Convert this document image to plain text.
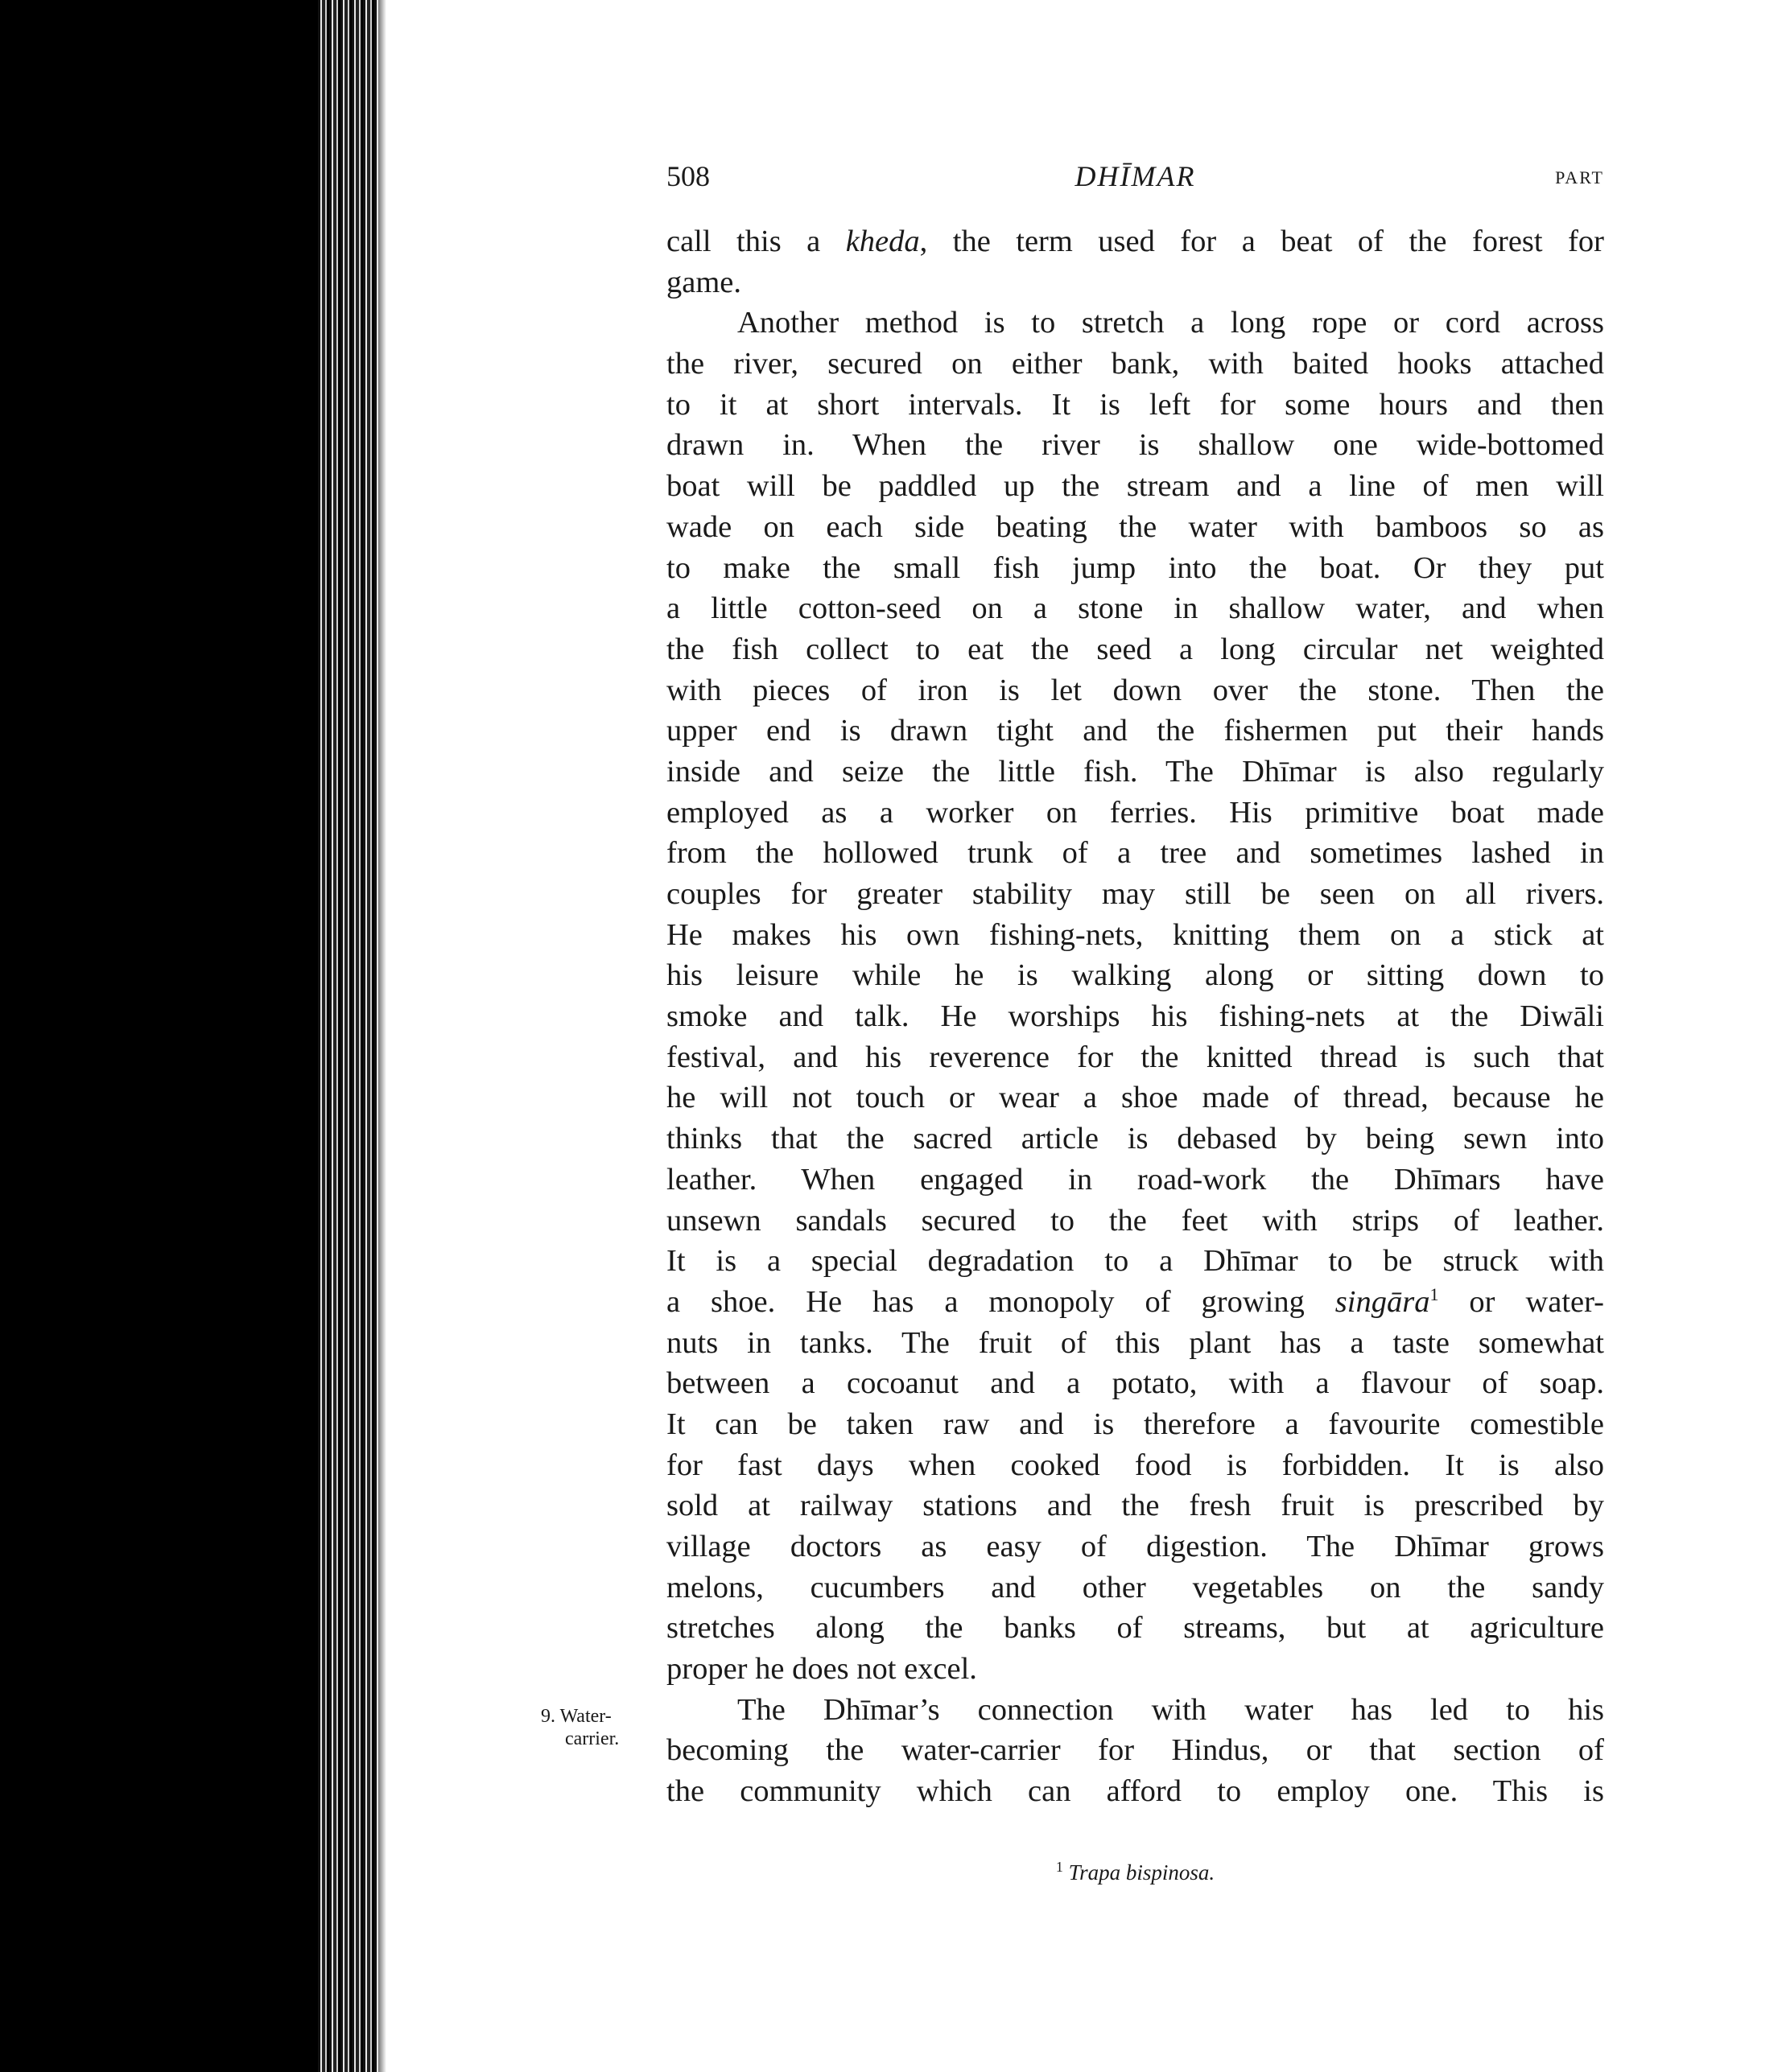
508	DHĪMAR	PART
9. Water-
carrier.
call this a kheda, the term used for a beat of the forest for
game.
Another method is to stretch a long rope or cord across
the river, secured on either bank, with baited hooks attached
to it at short intervals. It is left for some hours and then
drawn in. When the river is shallow one wide-bottomed
boat will be paddled up the stream and a line of men will
wade on each side beating the water with bamboos so as
to make the small fish jump into the boat. Or they put
a little cotton-seed on a stone in shallow water, and when
the fish collect to eat the seed a long circular net weighted
with pieces of iron is let down over the stone. Then the
upper end is drawn tight and the fishermen put their hands
inside and seize the little fish. The Dhīmar is also regularly
employed as a worker on ferries. His primitive boat made
from the hollowed trunk of a tree and sometimes lashed in
couples for greater stability may still be seen on all rivers.
He makes his own fishing-nets, knitting them on a stick at
his leisure while he is walking along or sitting down to
smoke and talk. He worships his fishing-nets at the Diwāli
festival, and his reverence for the knitted thread is such that
he will not touch or wear a shoe made of thread, because he
thinks that the sacred article is debased by being sewn into
leather. When engaged in road-work the Dhīmars have
unsewn sandals secured to the feet with strips of leather.
It is a special degradation to a Dhīmar to be struck with
a shoe. He has a monopoly of growing singāra$^1$ or water-
nuts in tanks. The fruit of this plant has a taste somewhat
between a cocoanut and a potato, with a flavour of soap.
It can be taken raw and is therefore a favourite comestible
for fast days when cooked food is forbidden. It is also
sold at railway stations and the fresh fruit is prescribed by
village doctors as easy of digestion. The Dhīmar grows
melons, cucumbers and other vegetables on the sandy
stretches along the banks of streams, but at agriculture
proper he does not excel.
The Dhīmar’s connection with water has led to his
becoming the water-carrier for Hindus, or that section of
the community which can afford to employ one. This is
$^1$ Trapa bispinosa.
